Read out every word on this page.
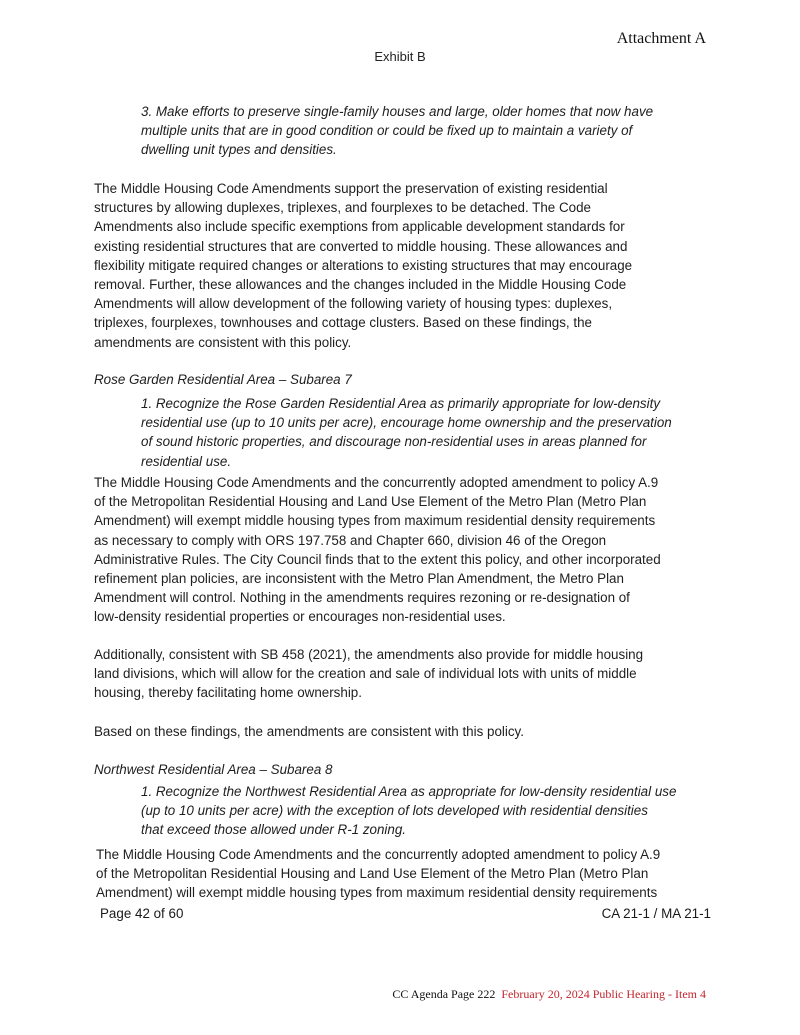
Attachment A
Exhibit B
3. Make efforts to preserve single-family houses and large, older homes that now have
multiple units that are in good condition or could be fixed up to maintain a variety of
dwelling unit types and densities.
The Middle Housing Code Amendments support the preservation of existing residential
structures by allowing duplexes, triplexes, and fourplexes to be detached. The Code
Amendments also include specific exemptions from applicable development standards for
existing residential structures that are converted to middle housing. These allowances and
flexibility mitigate required changes or alterations to existing structures that may encourage
removal. Further, these allowances and the changes included in the Middle Housing Code
Amendments will allow development of the following variety of housing types: duplexes,
triplexes, fourplexes, townhouses and cottage clusters. Based on these findings, the
amendments are consistent with this policy.
Rose Garden Residential Area – Subarea 7
1. Recognize the Rose Garden Residential Area as primarily appropriate for low-density
residential use (up to 10 units per acre), encourage home ownership and the preservation
of sound historic properties, and discourage non-residential uses in areas planned for
residential use.
The Middle Housing Code Amendments and the concurrently adopted amendment to policy A.9
of the Metropolitan Residential Housing and Land Use Element of the Metro Plan (Metro Plan
Amendment) will exempt middle housing types from maximum residential density requirements
as necessary to comply with ORS 197.758 and Chapter 660, division 46 of the Oregon
Administrative Rules. The City Council finds that to the extent this policy, and other incorporated
refinement plan policies, are inconsistent with the Metro Plan Amendment, the Metro Plan
Amendment will control. Nothing in the amendments requires rezoning or re-designation of
low-density residential properties or encourages non-residential uses.
Additionally, consistent with SB 458 (2021), the amendments also provide for middle housing
land divisions, which will allow for the creation and sale of individual lots with units of middle
housing, thereby facilitating home ownership.
Based on these findings, the amendments are consistent with this policy.
Northwest Residential Area – Subarea 8
1. Recognize the Northwest Residential Area as appropriate for low-density residential use
(up to 10 units per acre) with the exception of lots developed with residential densities
that exceed those allowed under R-1 zoning.
The Middle Housing Code Amendments and the concurrently adopted amendment to policy A.9
of the Metropolitan Residential Housing and Land Use Element of the Metro Plan (Metro Plan
Amendment) will exempt middle housing types from maximum residential density requirements
Page 42 of 60	CA 21-1 / MA 21-1
CC Agenda Page 222 February 20, 2024 Public Hearing - Item 4
